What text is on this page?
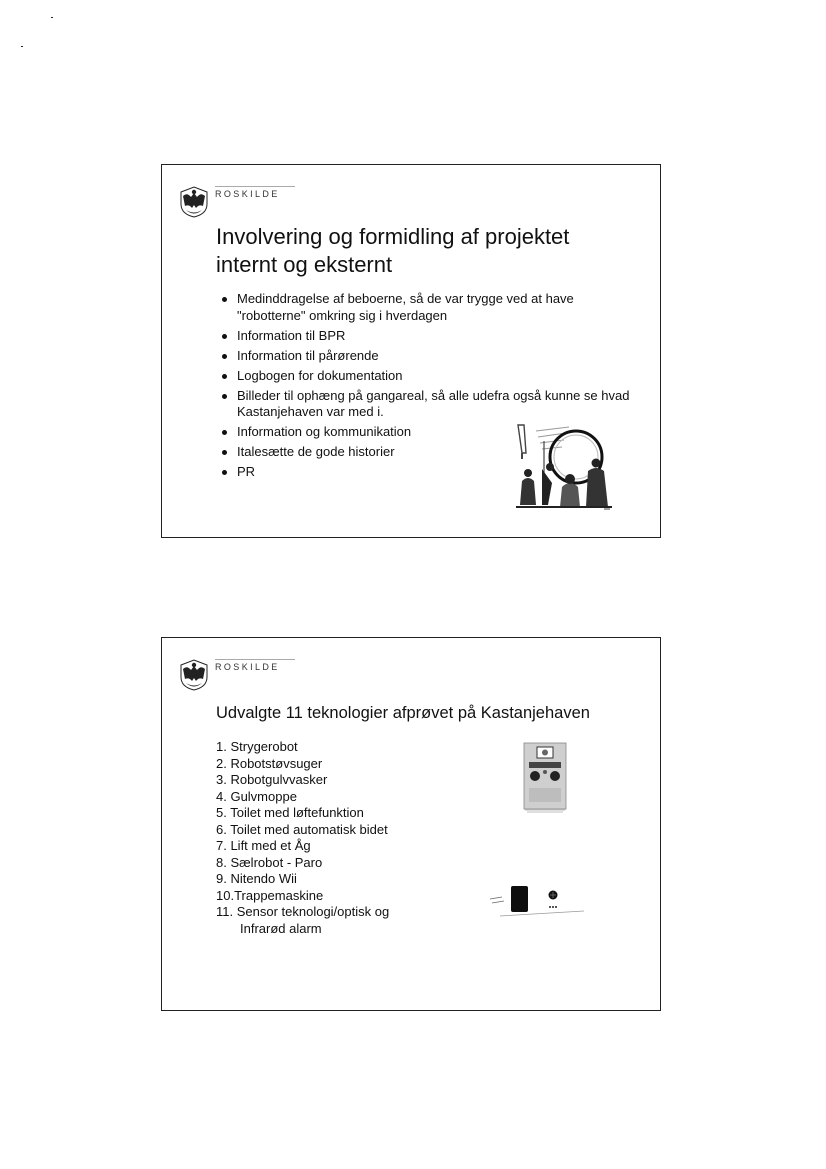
ROSKILDE
Involvering og formidling af projektet internt og eksternt
Medinddragelse af beboerne, så de var trygge ved at have "robotterne" omkring sig i hverdagen
Information til BPR
Information til pårørende
Logbogen for dokumentation
Billeder til ophæng på gangareal, så alle udefra også kunne se hvad Kastanjehaven var med i.
Information og kommunikation
Italesætte de gode historier
PR
ROSKILDE
Udvalgte 11 teknologier afprøvet på Kastanjehaven
1. Strygerobot
2. Robotstøvsuger
3. Robotgulvvasker
4. Gulvmoppe
5. Toilet med løftefunktion
6. Toilet med automatisk bidet
7. Lift med et Åg
8. Sælrobot - Paro
9. Nitendo Wii
10.Trappemaskine
11. Sensor teknologi/optisk og
Infrarød alarm
